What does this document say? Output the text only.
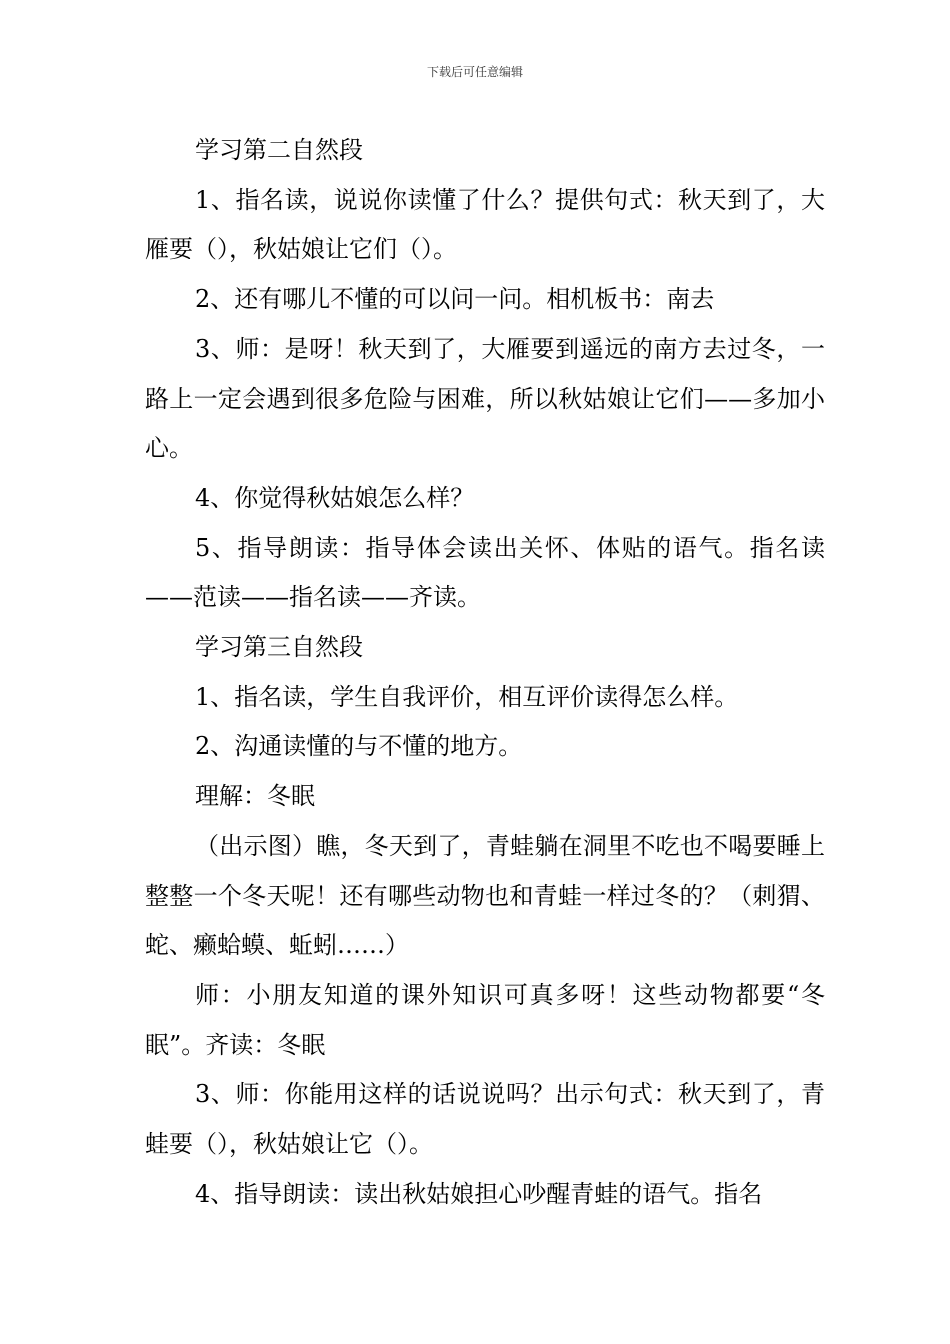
下载后可任意编辑

学习第二自然段

1、指名读，说说你读懂了什么？提供句式：秋天到了，大雁要（），秋姑娘让它们（）。

2、还有哪儿不懂的可以问一问。相机板书：南去

3、师：是呀！秋天到了，大雁要到遥远的南方去过冬，一路上一定会遇到很多危险与困难，所以秋姑娘让它们——多加小心。

4、你觉得秋姑娘怎么样？

5、指导朗读：指导体会读出关怀、体贴的语气。指名读——范读——指名读——齐读。

学习第三自然段

1、指名读，学生自我评价，相互评价读得怎么样。

2、沟通读懂的与不懂的地方。

理解：冬眠

（出示图）瞧，冬天到了，青蛙躺在洞里不吃也不喝要睡上整整一个冬天呢！还有哪些动物也和青蛙一样过冬的？（刺猬、蛇、癞蛤蟆、蚯蚓……）

师：小朋友知道的课外知识可真多呀！这些动物都要“冬眠”。齐读：冬眠

3、师：你能用这样的话说说吗？出示句式：秋天到了，青蛙要（），秋姑娘让它（）。

4、指导朗读：读出秋姑娘担心吵醒青蛙的语气。指名
